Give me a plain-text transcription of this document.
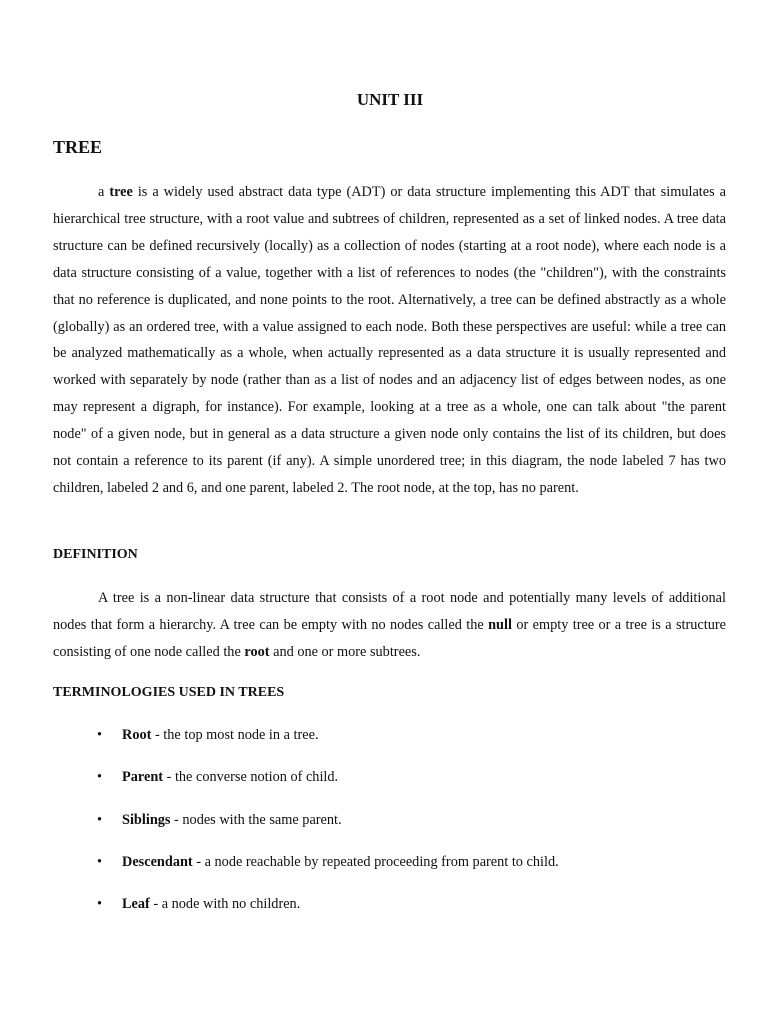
UNIT III
TREE

a tree is a widely used abstract data type (ADT) or data structure implementing this ADT that simulates a hierarchical tree structure, with a root value and subtrees of children, represented as a set of linked nodes. A tree data structure can be defined recursively (locally) as a collection of nodes (starting at a root node), where each node is a data structure consisting of a value, together with a list of references to nodes (the "children"), with the constraints that no reference is duplicated, and none points to the root. Alternatively, a tree can be defined abstractly as a whole (globally) as an ordered tree, with a value assigned to each node. Both these perspectives are useful: while a tree can be analyzed mathematically as a whole, when actually represented as a data structure it is usually represented and worked with separately by node (rather than as a list of nodes and an adjacency list of edges between nodes, as one may represent a digraph, for instance). For example, looking at a tree as a whole, one can talk about "the parent node" of a given node, but in general as a data structure a given node only contains the list of its children, but does not contain a reference to its parent (if any). A simple unordered tree; in this diagram, the node labeled 7 has two children, labeled 2 and 6, and one parent, labeled 2. The root node, at the top, has no parent.

DEFINITION

A tree is a non-linear data structure that consists of a root node and potentially many levels of additional nodes that form a hierarchy. A tree can be empty with no nodes called the null or empty tree or a tree is a structure consisting of one node called the root and one or more subtrees.

TERMINOLOGIES USED IN TREES
• Root - the top most node in a tree.
• Parent - the converse notion of child.
• Siblings - nodes with the same parent.
• Descendant - a node reachable by repeated proceeding from parent to child.
• Leaf - a node with no children.
